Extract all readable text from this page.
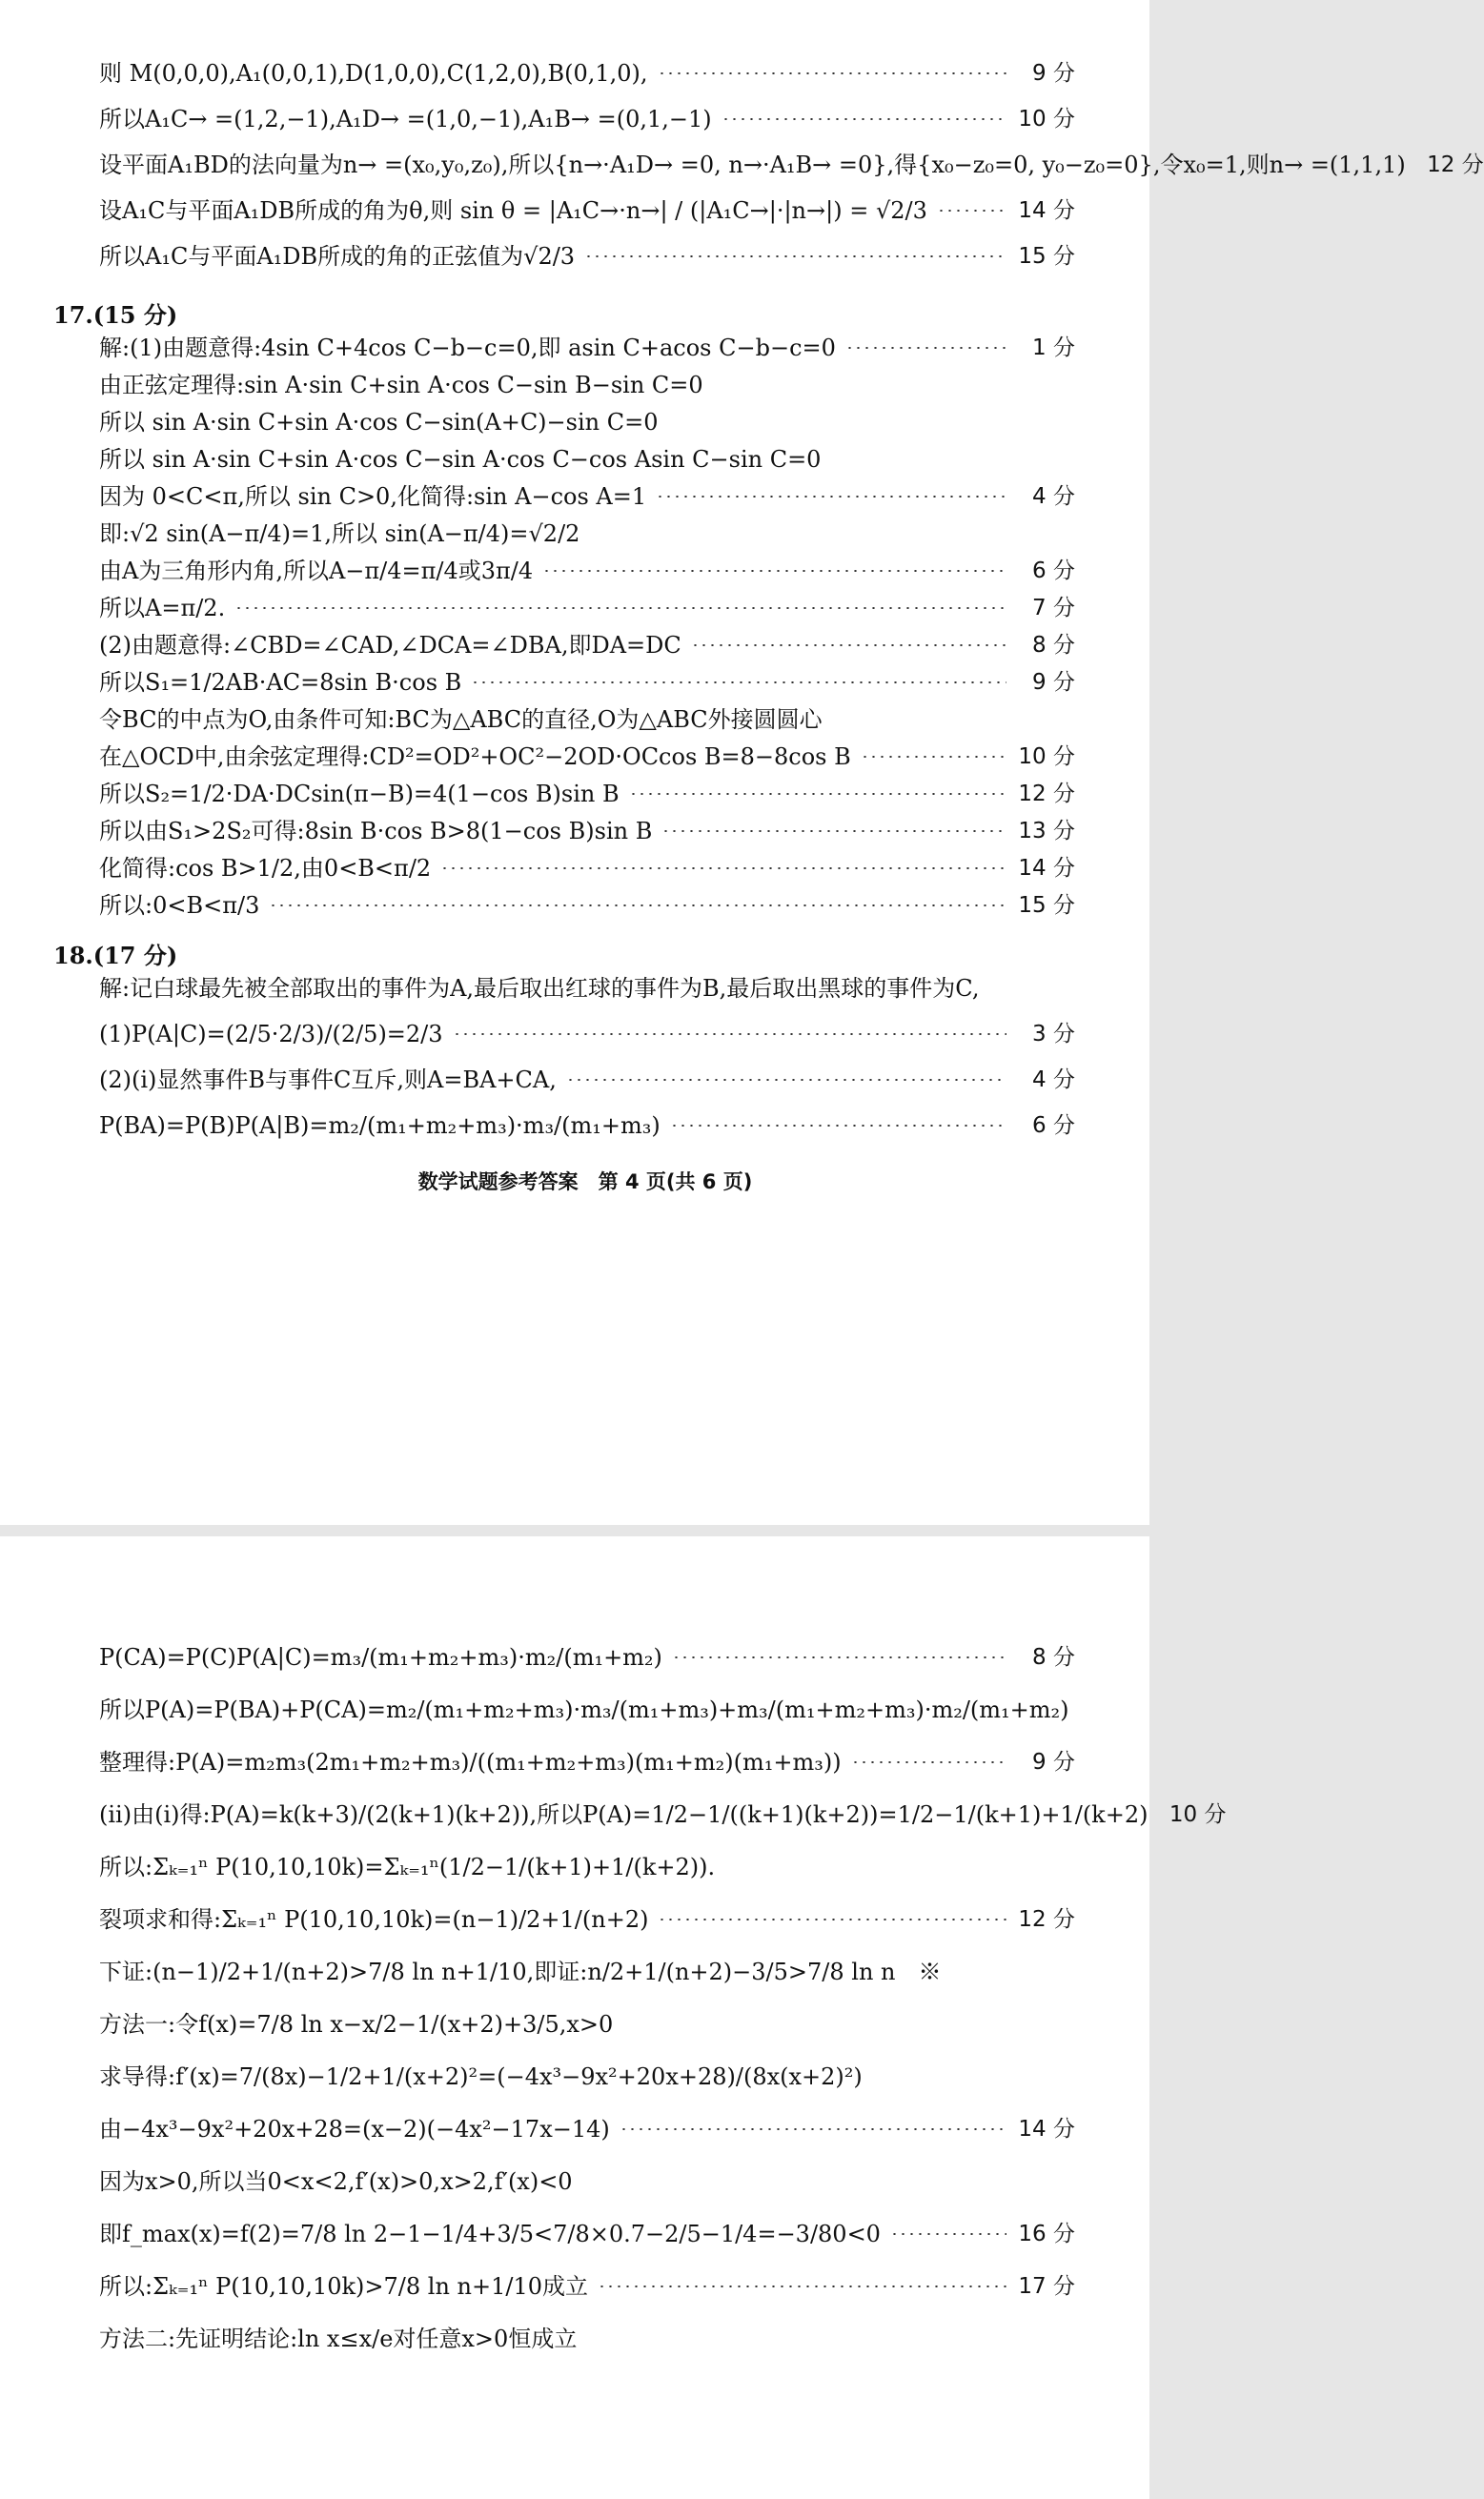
则 M(0,0,0),A₁(0,0,1),D(1,0,0),C(1,2,0),B(0,1,0),	9 分
所以A₁C→ =(1,2,−1),A₁D→ =(1,0,−1),A₁B→ =(0,1,−1)	10 分
设平面A₁BD的法向量为n→ =(x₀,y₀,z₀),所以{n→·A₁D→ =0, n→·A₁B→ =0},得{x₀−z₀=0, y₀−z₀=0},令x₀=1,则n→ =(1,1,1) 12 分
设A₁C与平面A₁DB所成的角为θ,则 sin θ = |A₁C→·n→| / (|A₁C→|·|n→|) = √2/3	14 分
所以A₁C与平面A₁DB所成的角的正弦值为√2/3	15 分
17.(15 分)
解:(1)由题意得:4sin C+4cos C−b−c=0,即 asin C+acos C−b−c=0	1 分
由正弦定理得:sin A·sin C+sin A·cos C−sin B−sin C=0
所以 sin A·sin C+sin A·cos C−sin(A+C)−sin C=0
所以 sin A·sin C+sin A·cos C−sin A·cos C−cos Asin C−sin C=0
因为 0<C<π,所以 sin C>0,化简得:sin A−cos A=1	4 分
即:√2 sin(A−π/4)=1,所以 sin(A−π/4)=√2/2
由A为三角形内角,所以A−π/4=π/4或3π/4	6 分
所以A=π/2.	7 分
(2)由题意得:∠CBD=∠CAD,∠DCA=∠DBA,即DA=DC	8 分
所以S₁=1/2AB·AC=8sin B·cos B	9 分
令BC的中点为O,由条件可知:BC为△ABC的直径,O为△ABC外接圆圆心
在△OCD中,由余弦定理得:CD²=OD²+OC²−2OD·OCcos B=8−8cos B	10 分
所以S₂=1/2·DA·DCsin(π−B)=4(1−cos B)sin B	12 分
所以由S₁>2S₂可得:8sin B·cos B>8(1−cos B)sin B	13 分
化简得:cos B>1/2,由0<B<π/2	14 分
所以:0<B<π/3	15 分
18.(17 分)
解:记白球最先被全部取出的事件为A,最后取出红球的事件为B,最后取出黑球的事件为C,
(1)P(A|C)=(2/5·2/3)/(2/5)=2/3	3 分
(2)(ⅰ)显然事件B与事件C互斥,则A=BA+CA,	4 分
P(BA)=P(B)P(A|B)=m₂/(m₁+m₂+m₃)·m₃/(m₁+m₃)	6 分
数学试题参考答案　第 4 页(共 6 页)
P(CA)=P(C)P(A|C)=m₃/(m₁+m₂+m₃)·m₂/(m₁+m₂)	8 分
所以P(A)=P(BA)+P(CA)=m₂/(m₁+m₂+m₃)·m₃/(m₁+m₃)+m₃/(m₁+m₂+m₃)·m₂/(m₁+m₂)
整理得:P(A)=m₂m₃(2m₁+m₂+m₃)/((m₁+m₂+m₃)(m₁+m₂)(m₁+m₃))	9 分
(ⅱ)由(ⅰ)得:P(A)=k(k+3)/(2(k+1)(k+2)),所以P(A)=1/2−1/((k+1)(k+2))=1/2−1/(k+1)+1/(k+2) 10 分
所以:Σₖ₌₁ⁿ P(10,10,10k)=Σₖ₌₁ⁿ(1/2−1/(k+1)+1/(k+2)).
裂项求和得:Σₖ₌₁ⁿ P(10,10,10k)=(n−1)/2+1/(n+2)	12 分
下证:(n−1)/2+1/(n+2)>7/8 ln n+1/10,即证:n/2+1/(n+2)−3/5>7/8 ln n　※
方法一:令f(x)=7/8 ln x−x/2−1/(x+2)+3/5,x>0
求导得:f′(x)=7/(8x)−1/2+1/(x+2)²=(−4x³−9x²+20x+28)/(8x(x+2)²)
由−4x³−9x²+20x+28=(x−2)(−4x²−17x−14)	14 分
因为x>0,所以当0<x<2,f′(x)>0,x>2,f′(x)<0
即f_max(x)=f(2)=7/8 ln 2−1−1/4+3/5<7/8×0.7−2/5−1/4=−3/80<0	16 分
所以:Σₖ₌₁ⁿ P(10,10,10k)>7/8 ln n+1/10成立	17 分
方法二:先证明结论:ln x≤x/e对任意x>0恒成立
